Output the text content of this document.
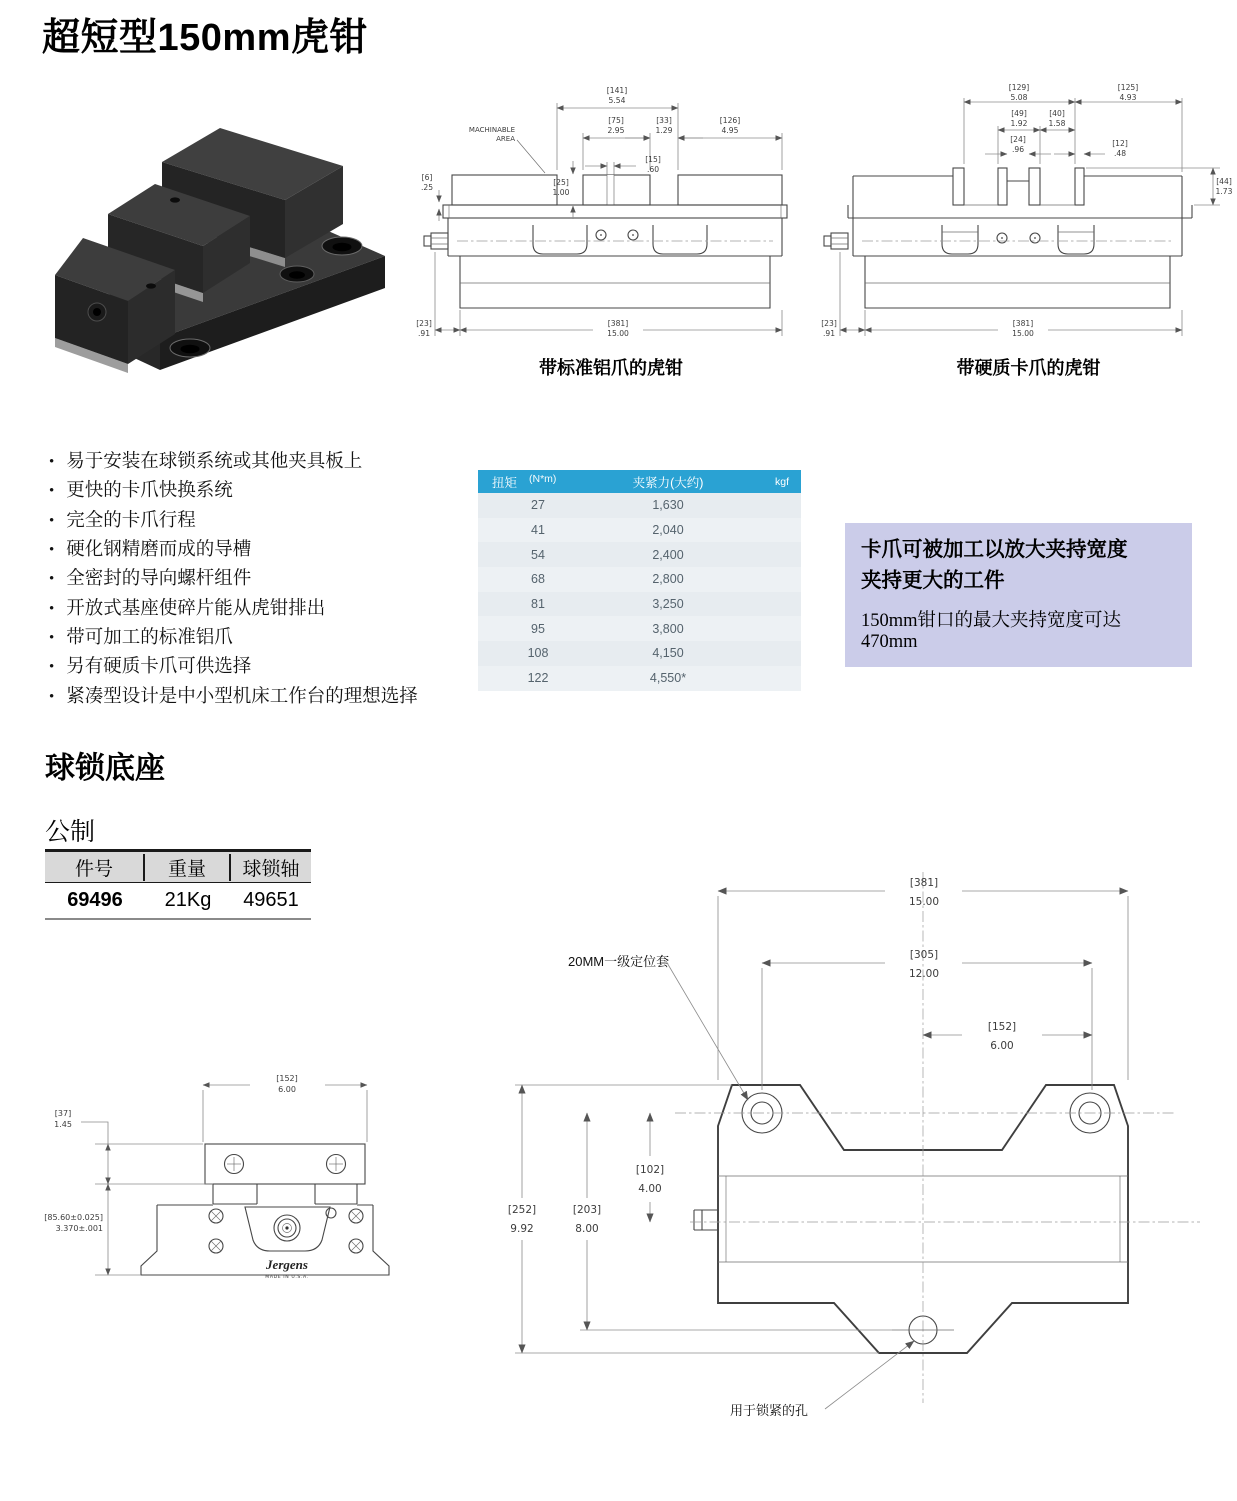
超短型150mm虎钳
[141]
5.54
[75]
2.95
[33]
1.29
[126]
4.95
[15]
.60
[25]
1.00
[6]
.25
[23]
.91
[381]
15.00
MACHINABLE
AREA
带标准铝爪的虎钳
[129]
5.08
[125]
4.93
[49]
1.92
[40]
1.58
[24]
.96
[12]
.48
[44]
1.73
[23]
.91
[381]
15.00
带硬质卡爪的虎钳
• 易于安装在球锁系统或其他夹具板上
• 更快的卡爪快换系统
• 完全的卡爪行程
• 硬化钢精磨而成的导槽
• 全密封的导向螺杆组件
• 开放式基座使碎片能从虎钳排出
• 带可加工的标准铝爪
• 另有硬质卡爪可供选择
• 紧凑型设计是中小型机床工作台的理想选择
扭矩 (N*m)	夹紧力(大约)	kgf
27	1,630
41	2,040
54	2,400
68	2,800
81	3,250
95	3,800
108	4,150
122	4,550*
卡爪可被加工以放大夹持宽度
夹持更大的工件
150mm钳口的最大夹持宽度可达470mm
球锁底座
公制
件号	重量	球锁轴
69496	21Kg	49651
Jergens
MADE IN U.S.A.
[152]
6.00
[37]
1.45
[85.60±0.025]
3.370±.001
[381]
15.00
[305]
12.00
[152]
6.00
[252]
9.92
[203]
8.00
[102]
4.00
20MM一级定位套
用于锁紧的孔
